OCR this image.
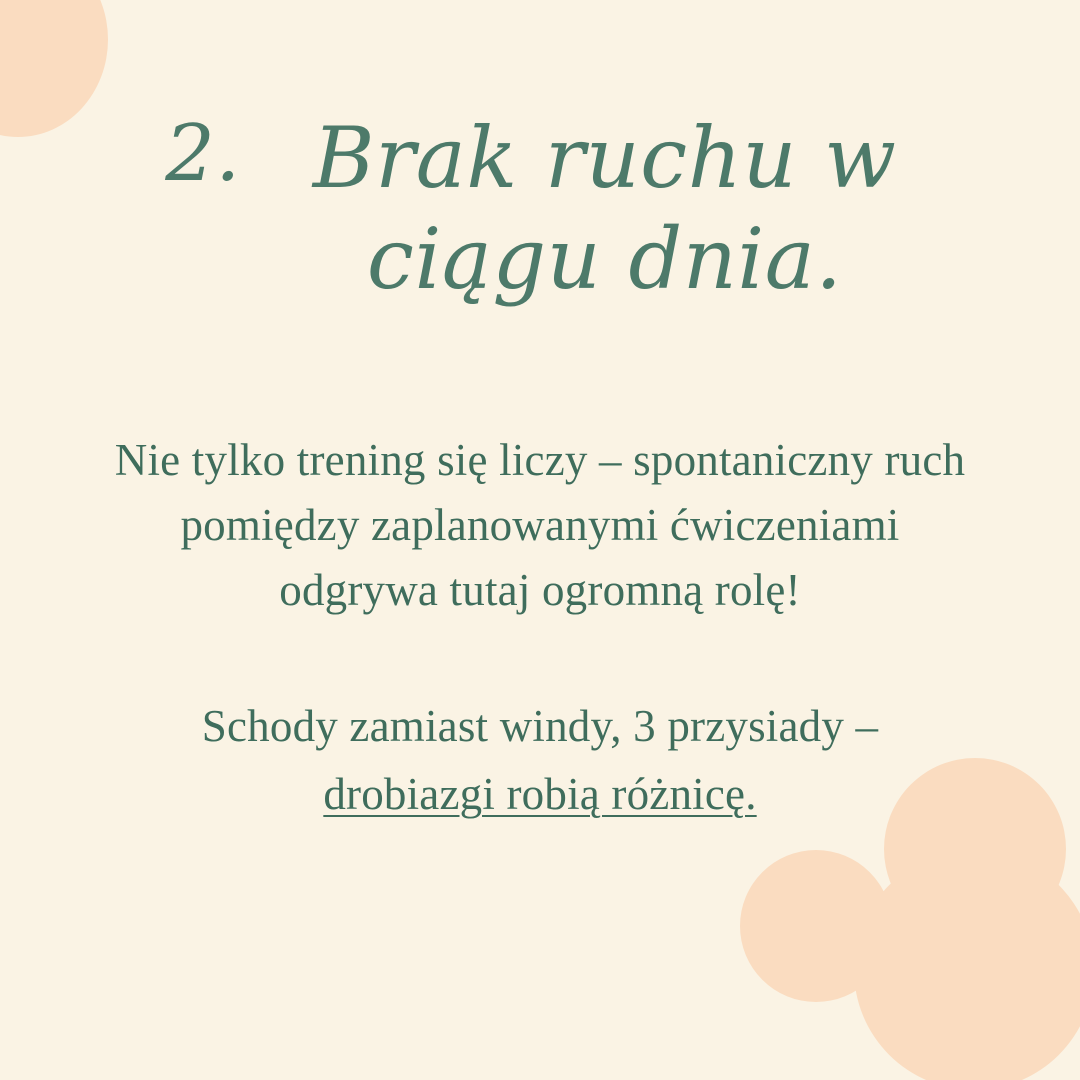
2. Brak ruchu w ciągu dnia.

Nie tylko trening się liczy – spontaniczny ruch pomiędzy zaplanowanymi ćwiczeniami odgrywa tutaj ogromną rolę!

Schody zamiast windy, 3 przysiady –
drobiazgi robią różnicę.
